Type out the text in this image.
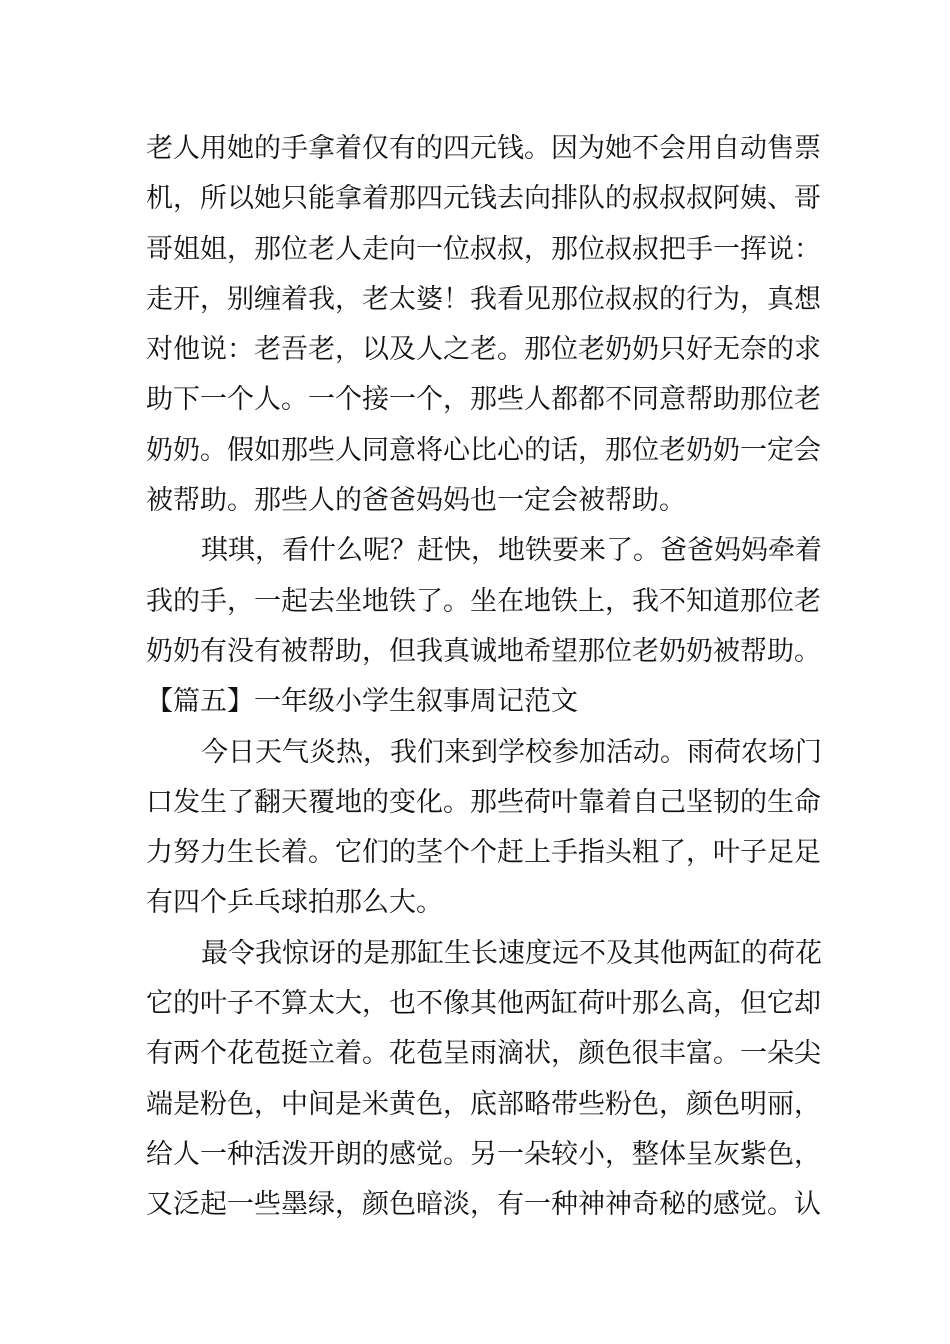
老人用她的手拿着仅有的四元钱。因为她不会用自动售票
机，所以她只能拿着那四元钱去向排队的叔叔叔阿姨、哥
哥姐姐，那位老人走向一位叔叔，那位叔叔把手一挥说：
走开，别缠着我，老太婆！我看见那位叔叔的行为，真想
对他说：老吾老，以及人之老。那位老奶奶只好无奈的求
助下一个人。一个接一个，那些人都都不同意帮助那位老
奶奶。假如那些人同意将心比心的话，那位老奶奶一定会
被帮助。那些人的爸爸妈妈也一定会被帮助。
琪琪，看什么呢？赶快，地铁要来了。爸爸妈妈牵着
我的手，一起去坐地铁了。坐在地铁上，我不知道那位老
奶奶有没有被帮助，但我真诚地希望那位老奶奶被帮助。
【篇五】一年级小学生叙事周记范文
今日天气炎热，我们来到学校参加活动。雨荷农场门
口发生了翻天覆地的变化。那些荷叶靠着自己坚韧的生命
力努力生长着。它们的茎个个赶上手指头粗了，叶子足足
有四个乒乓球拍那么大。
最令我惊讶的是那缸生长速度远不及其他两缸的荷花
它的叶子不算太大，也不像其他两缸荷叶那么高，但它却
有两个花苞挺立着。花苞呈雨滴状，颜色很丰富。一朵尖
端是粉色，中间是米黄色，底部略带些粉色，颜色明丽，
给人一种活泼开朗的感觉。另一朵较小，整体呈灰紫色，
又泛起一些墨绿，颜色暗淡，有一种神神奇秘的感觉。认
